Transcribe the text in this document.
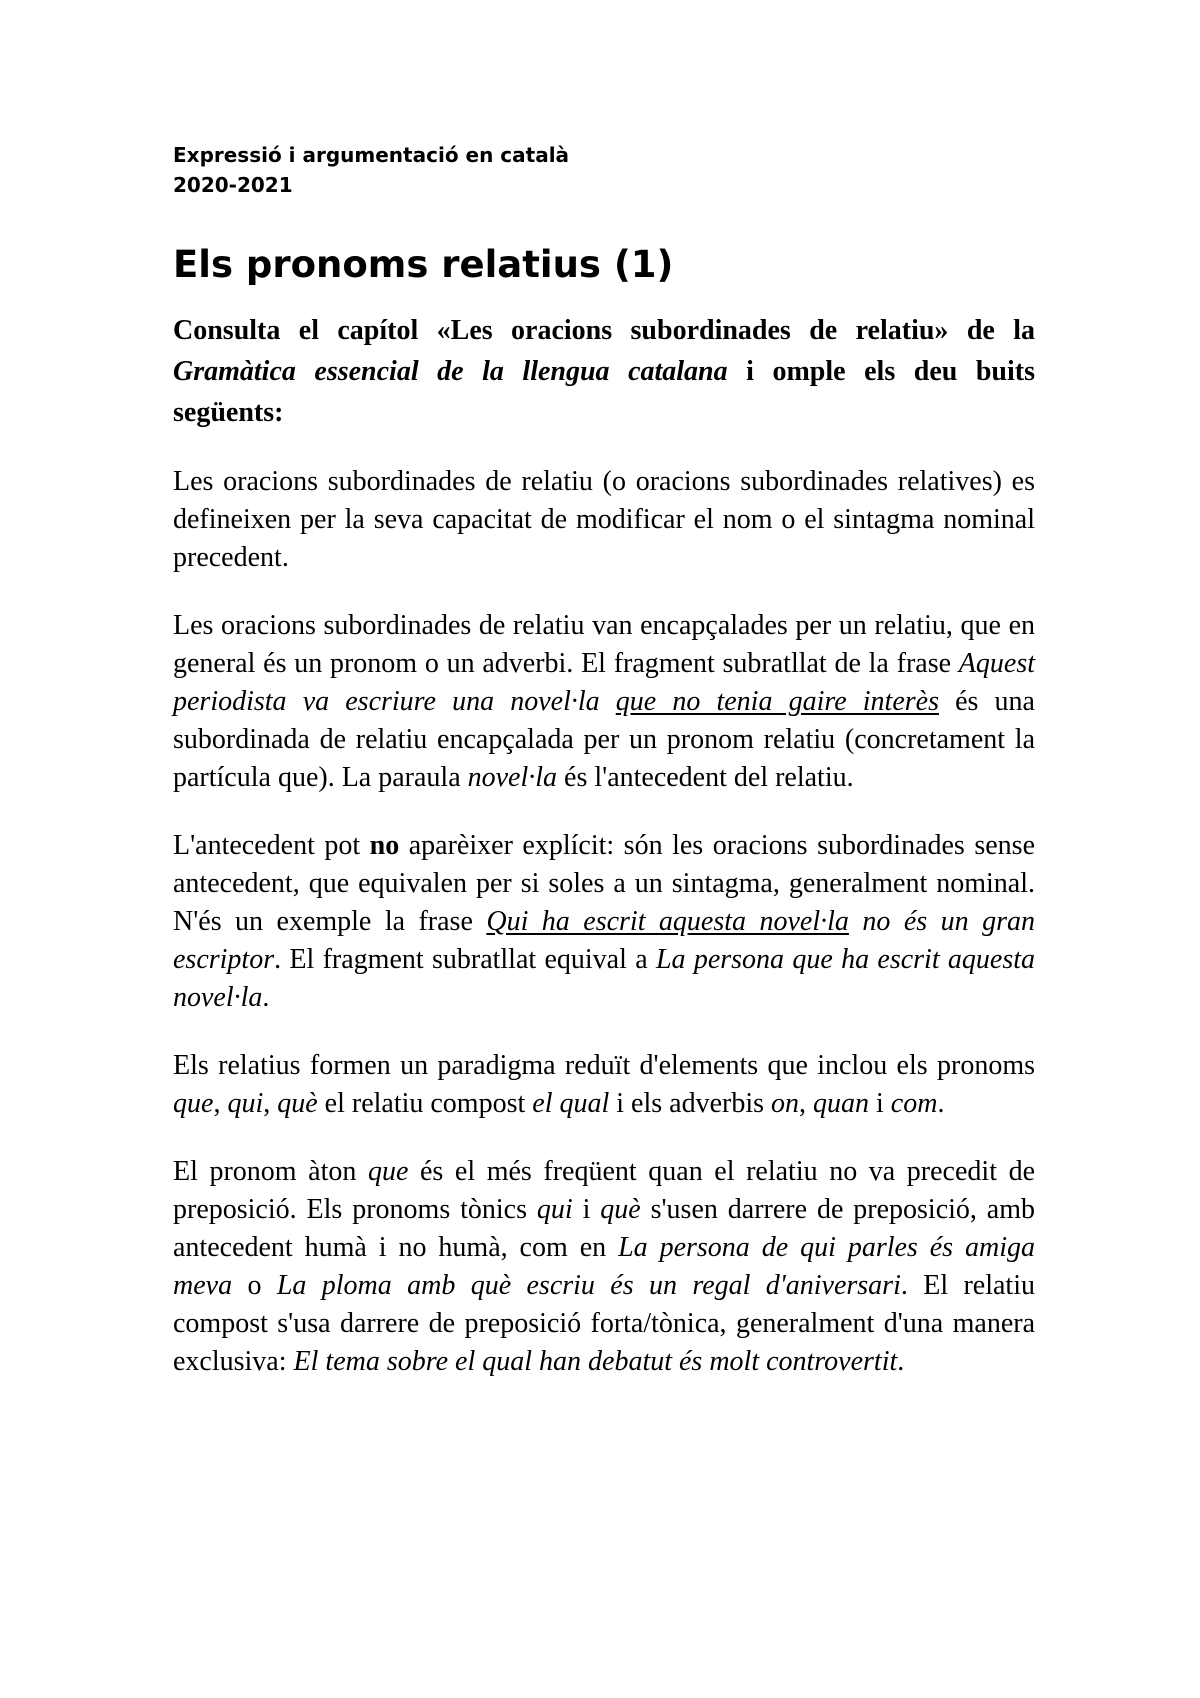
Expressió i argumentació en català

2020-2021

Els pronoms relatius (1)

Consulta el capítol «Les oracions subordinades de relatiu» de la Gramàtica essencial de la llengua catalana i omple els deu buits següents:

Les oracions subordinades de relatiu (o oracions subordinades relatives) es defineixen per la seva capacitat de modificar el nom o el sintagma nominal precedent.

Les oracions subordinades de relatiu van encapçalades per un relatiu, que en general és un pronom o un adverbi. El fragment subratllat de la frase Aquest periodista va escriure una novel·la que no tenia gaire interès és una subordinada de relatiu encapçalada per un pronom relatiu (concretament la partícula que). La paraula novel·la és l'antecedent del relatiu.

L'antecedent pot no aparèixer explícit: són les oracions subordinades sense antecedent, que equivalen per si soles a un sintagma, generalment nominal. N'és un exemple la frase Qui ha escrit aquesta novel·la no és un gran escriptor. El fragment subratllat equival a La persona que ha escrit aquesta novel·la.

Els relatius formen un paradigma reduït d'elements que inclou els pronoms que, qui, què el relatiu compost el qual i els adverbis on, quan i com.

El pronom àton que és el més freqüent quan el relatiu no va precedit de preposició. Els pronoms tònics qui i què s'usen darrere de preposició, amb antecedent humà i no humà, com en La persona de qui parles és amiga meva o La ploma amb què escriu és un regal d'aniversari. El relatiu compost s'usa darrere de preposició forta/tònica, generalment d'una manera exclusiva: El tema sobre el qual han debatut és molt controvertit.
